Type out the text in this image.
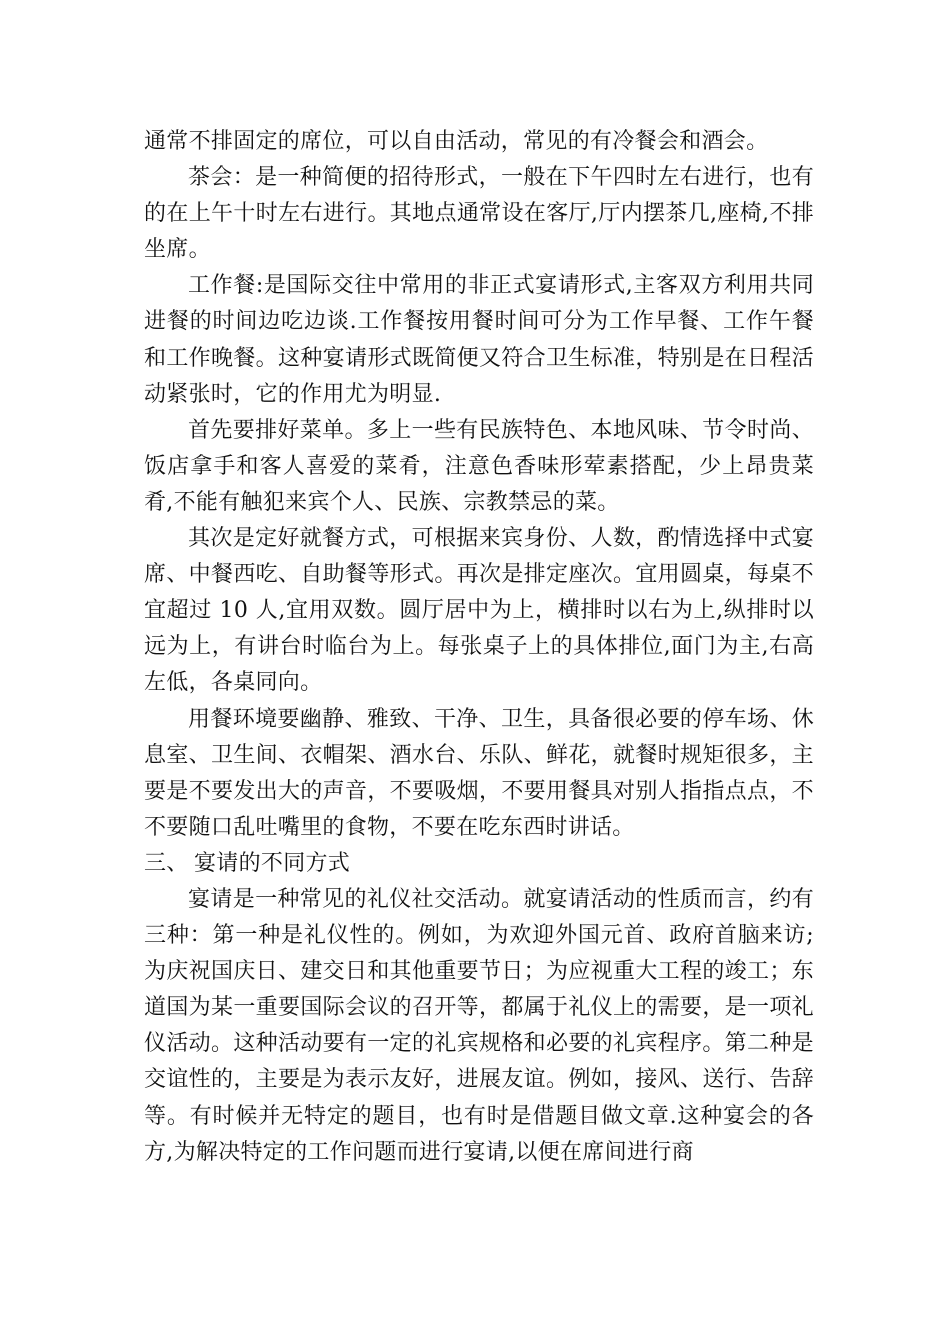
通常不排固定的席位，可以自由活动，常见的有冷餐会和酒会。

茶会：是一种简便的招待形式，一般在下午四时左右进行，也有的在上午十时左右进行。其地点通常设在客厅,厅内摆茶几,座椅,不排坐席。

工作餐:是国际交往中常用的非正式宴请形式,主客双方利用共同进餐的时间边吃边谈.工作餐按用餐时间可分为工作早餐、工作午餐和工作晚餐。这种宴请形式既简便又符合卫生标准，特别是在日程活动紧张时，它的作用尤为明显.

首先要排好菜单。多上一些有民族特色、本地风味、节令时尚、饭店拿手和客人喜爱的菜肴，注意色香味形荤素搭配，少上昂贵菜肴,不能有触犯来宾个人、民族、宗教禁忌的菜。

其次是定好就餐方式，可根据来宾身份、人数，酌情选择中式宴席、中餐西吃、自助餐等形式。再次是排定座次。宜用圆桌，每桌不宜超过 10 人,宜用双数。圆厅居中为上，横排时以右为上,纵排时以远为上，有讲台时临台为上。每张桌子上的具体排位,面门为主,右高左低，各桌同向。

用餐环境要幽静、雅致、干净、卫生，具备很必要的停车场、休息室、卫生间、衣帽架、酒水台、乐队、鲜花，就餐时规矩很多，主要是不要发出大的声音，不要吸烟，不要用餐具对别人指指点点，不不要随口乱吐嘴里的食物，不要在吃东西时讲话。

三、 宴请的不同方式

宴请是一种常见的礼仪社交活动。就宴请活动的性质而言，约有三种：第一种是礼仪性的。例如，为欢迎外国元首、政府首脑来访;为庆祝国庆日、建交日和其他重要节日；为应视重大工程的竣工；东道国为某一重要国际会议的召开等，都属于礼仪上的需要，是一项礼仪活动。这种活动要有一定的礼宾规格和必要的礼宾程序。第二种是交谊性的，主要是为表示友好，进展友谊。例如，接风、送行、告辞等。有时候并无特定的题目，也有时是借题目做文章.这种宴会的各方,为解决特定的工作问题而进行宴请,以便在席间进行商
